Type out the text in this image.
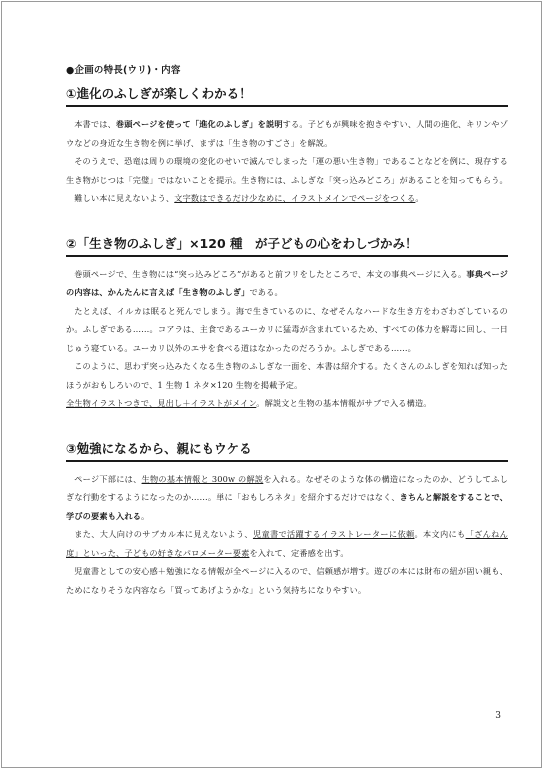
●企画の特長(ウリ)・内容
①進化のふしぎが楽しくわかる！

本書では、巻頭ページを使って「進化のふしぎ」を説明する。子どもが興味を抱きやすい、人間の進化、キリンやゾウなどの身近な生き物を例に挙げ、まずは「生き物のすごさ」を解説。

そのうえで、恐竜は周りの環境の変化のせいで滅んでしまった「運の悪い生き物」であることなどを例に、現存する生き物がじつは「完璧」ではないことを提示。生き物には、ふしぎな「突っ込みどころ」があることを知ってもらう。

難しい本に見えないよう、文字数はできるだけ少なめに、イラストメインでページをつくる。

②「生き物のふしぎ」×120 種　が子どもの心をわしづかみ！

巻頭ページで、生き物には“突っ込みどころ”があると前フリをしたところで、本文の事典ページに入る。事典ページの内容は、かんたんに言えば「生き物のふしぎ」である。

たとえば、イルカは眠ると死んでしまう。海で生きているのに、なぜそんなハードな生き方をわざわざしているのか。ふしぎである……。コアラは、主食であるユーカリに猛毒が含まれているため、すべての体力を解毒に回し、一日じゅう寝ている。ユーカリ以外のエサを食べる道はなかったのだろうか。ふしぎである……。

このように、思わず突っ込みたくなる生き物のふしぎな一面を、本書は紹介する。たくさんのふしぎを知れば知ったほうがおもしろいので、1 生物 1 ネタ×120 生物を掲載予定。

全生物イラストつきで、見出し＋イラストがメイン。解説文と生物の基本情報がサブで入る構造。

③勉強になるから、親にもウケる

ページ下部には、生物の基本情報と 300w の解説を入れる。なぜそのような体の構造になったのか、どうしてふしぎな行動をするようになったのか……。単に「おもしろネタ」を紹介するだけではなく、きちんと解説をすることで、学びの要素も入れる。

また、大人向けのサブカル本に見えないよう、児童書で活躍するイラストレーターに依頼。本文内にも「ざんねん度」といった、子どもの好きなパロメーター要素を入れて、定番感を出す。

児童書としての安心感＋勉強になる情報が全ページに入るので、信頼感が増す。遊びの本には財布の紐が固い親も、ためになりそうな内容なら「買ってあげようかな」という気持ちになりやすい。

3
